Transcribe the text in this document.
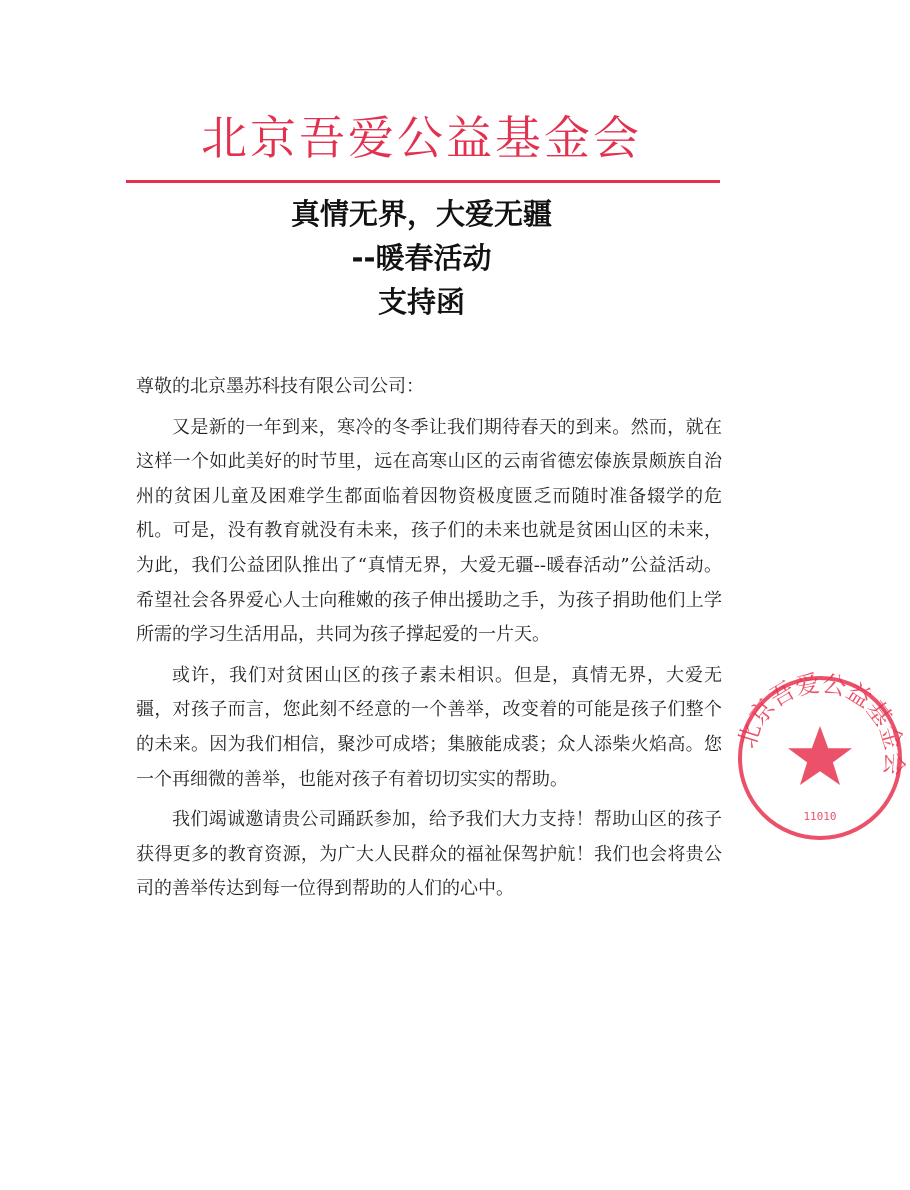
北京吾爱公益基金会
真情无界，大爱无疆
--暖春活动
支持函

尊敬的北京墨苏科技有限公司公司：

又是新的一年到来，寒冷的冬季让我们期待春天的到来。然而，就在这样一个如此美好的时节里，远在高寒山区的云南省德宏傣族景颇族自治州的贫困儿童及困难学生都面临着因物资极度匮乏而随时准备辍学的危机。可是，没有教育就没有未来，孩子们的未来也就是贫困山区的未来，为此，我们公益团队推出了“真情无界，大爱无疆--暖春活动”公益活动。希望社会各界爱心人士向稚嫩的孩子伸出援助之手，为孩子捐助他们上学所需的学习生活用品，共同为孩子撑起爱的一片天。

或许，我们对贫困山区的孩子素未相识。但是，真情无界，大爱无疆，对孩子而言，您此刻不经意的一个善举，改变着的可能是孩子们整个的未来。因为我们相信，聚沙可成塔；集腋能成裘；众人添柴火焰高。您一个再细微的善举，也能对孩子有着切切实实的帮助。

我们竭诚邀请贵公司踊跃参加，给予我们大力支持！帮助山区的孩子获得更多的教育资源，为广大人民群众的福祉保驾护航！我们也会将贵公司的善举传达到每一位得到帮助的人们的心中。

北京吾爱公益基金会
11010
